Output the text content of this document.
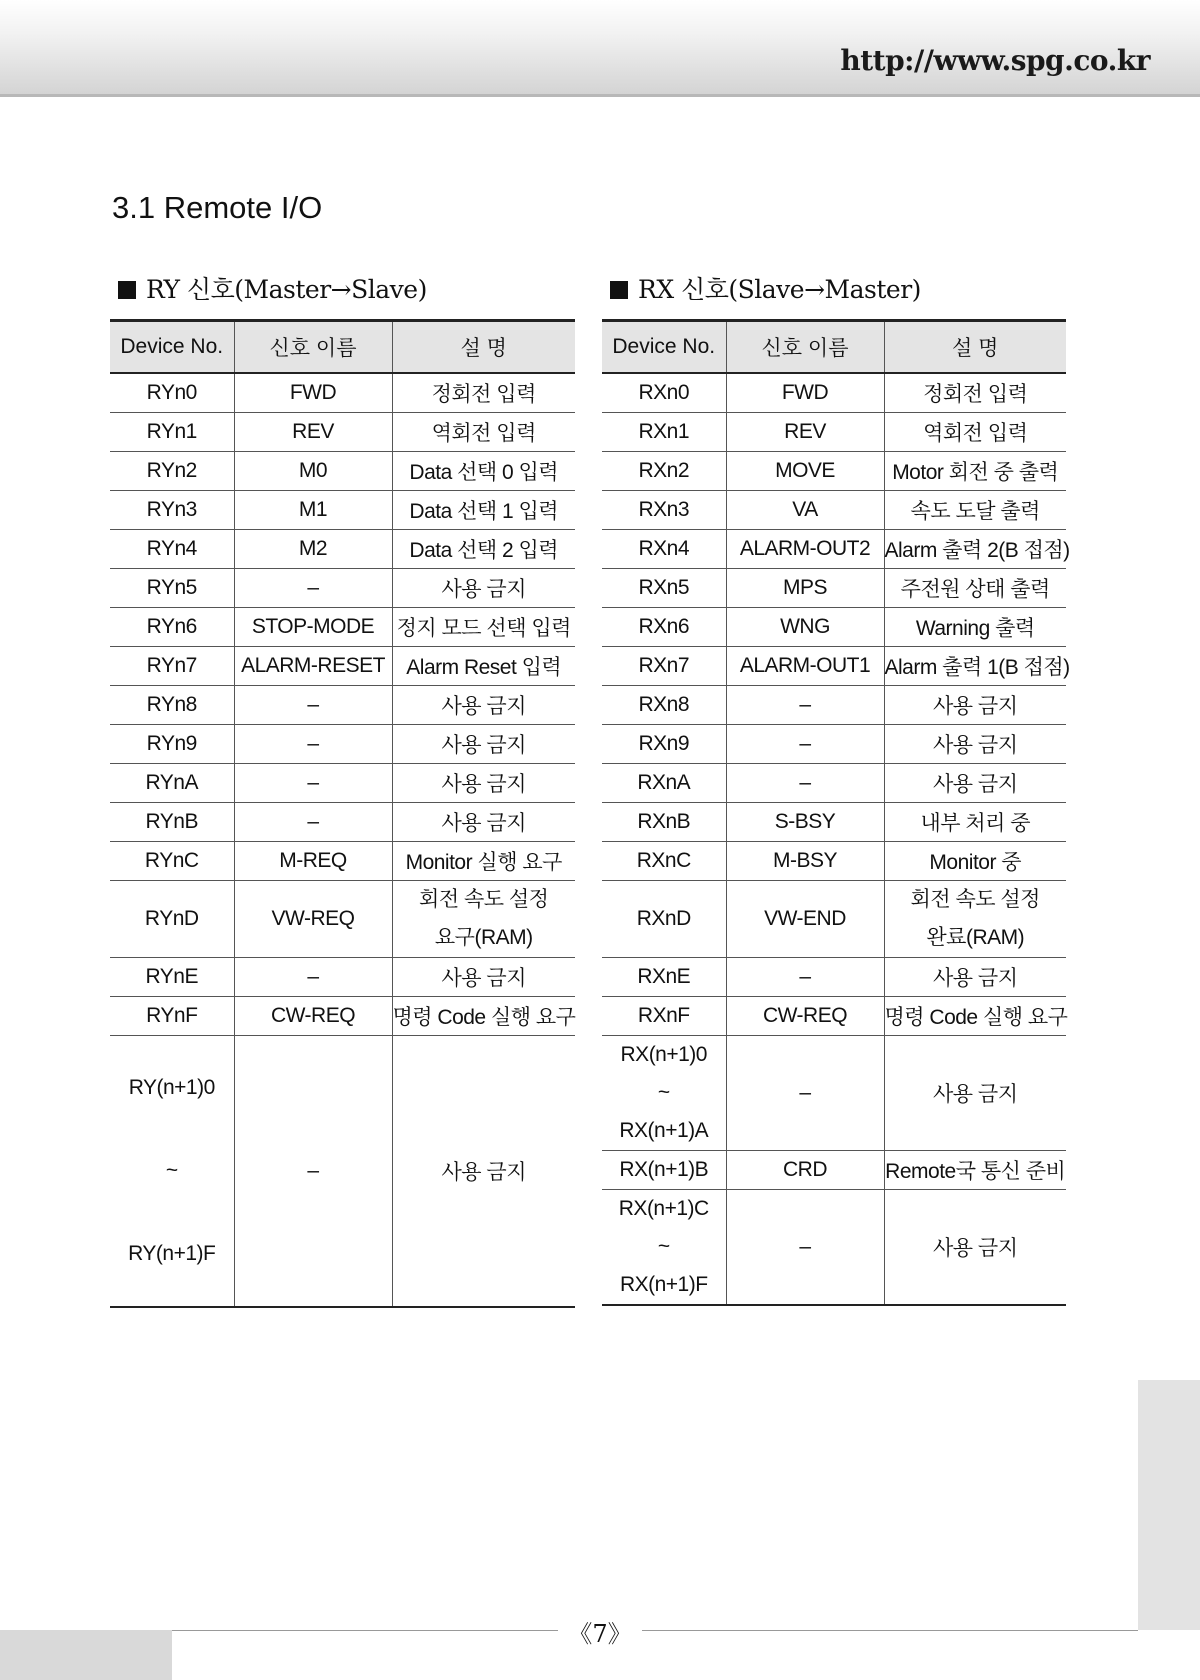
http://www.spg.co.kr
3.1 Remote I/O
RY 신호(Master→Slave)	RX 신호(Slave→Master)
Device No.	신호 이름	설 명
RYn0	FWD	정회전 입력
RYn1	REV	역회전 입력
RYn2	M0	Data 선택 0 입력
RYn3	M1	Data 선택 1 입력
RYn4	M2	Data 선택 2 입력
RYn5	–	사용 금지
RYn6	STOP-MODE	정지 모드 선택 입력
RYn7	ALARM-RESET	Alarm Reset 입력
RYn8	–	사용 금지
RYn9	–	사용 금지
RYnA	–	사용 금지
RYnB	–	사용 금지
RYnC	M-REQ	Monitor 실행 요구
RYnD	VW-REQ	회전 속도 설정
요구(RAM)

RYnE	–	사용 금지
RYnF	CW-REQ	명령 Code 실행 요구

RY(n+1)0
~
RY(n+1)F	–	사용 금지
Device No.	신호 이름	설 명
RXn0	FWD	정회전 입력
RXn1	REV	역회전 입력
RXn2	MOVE	Motor 회전 중 출력
RXn3	VA	속도 도달 출력
RXn4	ALARM-OUT2	Alarm 출력 2(B 접점)
RXn5	MPS	주전원 상태 출력
RXn6	WNG	Warning 출력
RXn7	ALARM-OUT1	Alarm 출력 1(B 접점)
RXn8	–	사용 금지
RXn9	–	사용 금지
RXnA	–	사용 금지
RXnB	S-BSY	내부 처리 중
RXnC	M-BSY	Monitor 중
RXnD	VW-END	회전 속도 설정
완료(RAM)

RXnE	–	사용 금지
RXnF	CW-REQ	명령 Code 실행 요구

RX(n+1)0
~
RX(n+1)A	–	사용 금지
RX(n+1)B	CRD	Remote국 통신 준비

RX(n+1)C
~
RX(n+1)F	–	사용 금지
《7》
